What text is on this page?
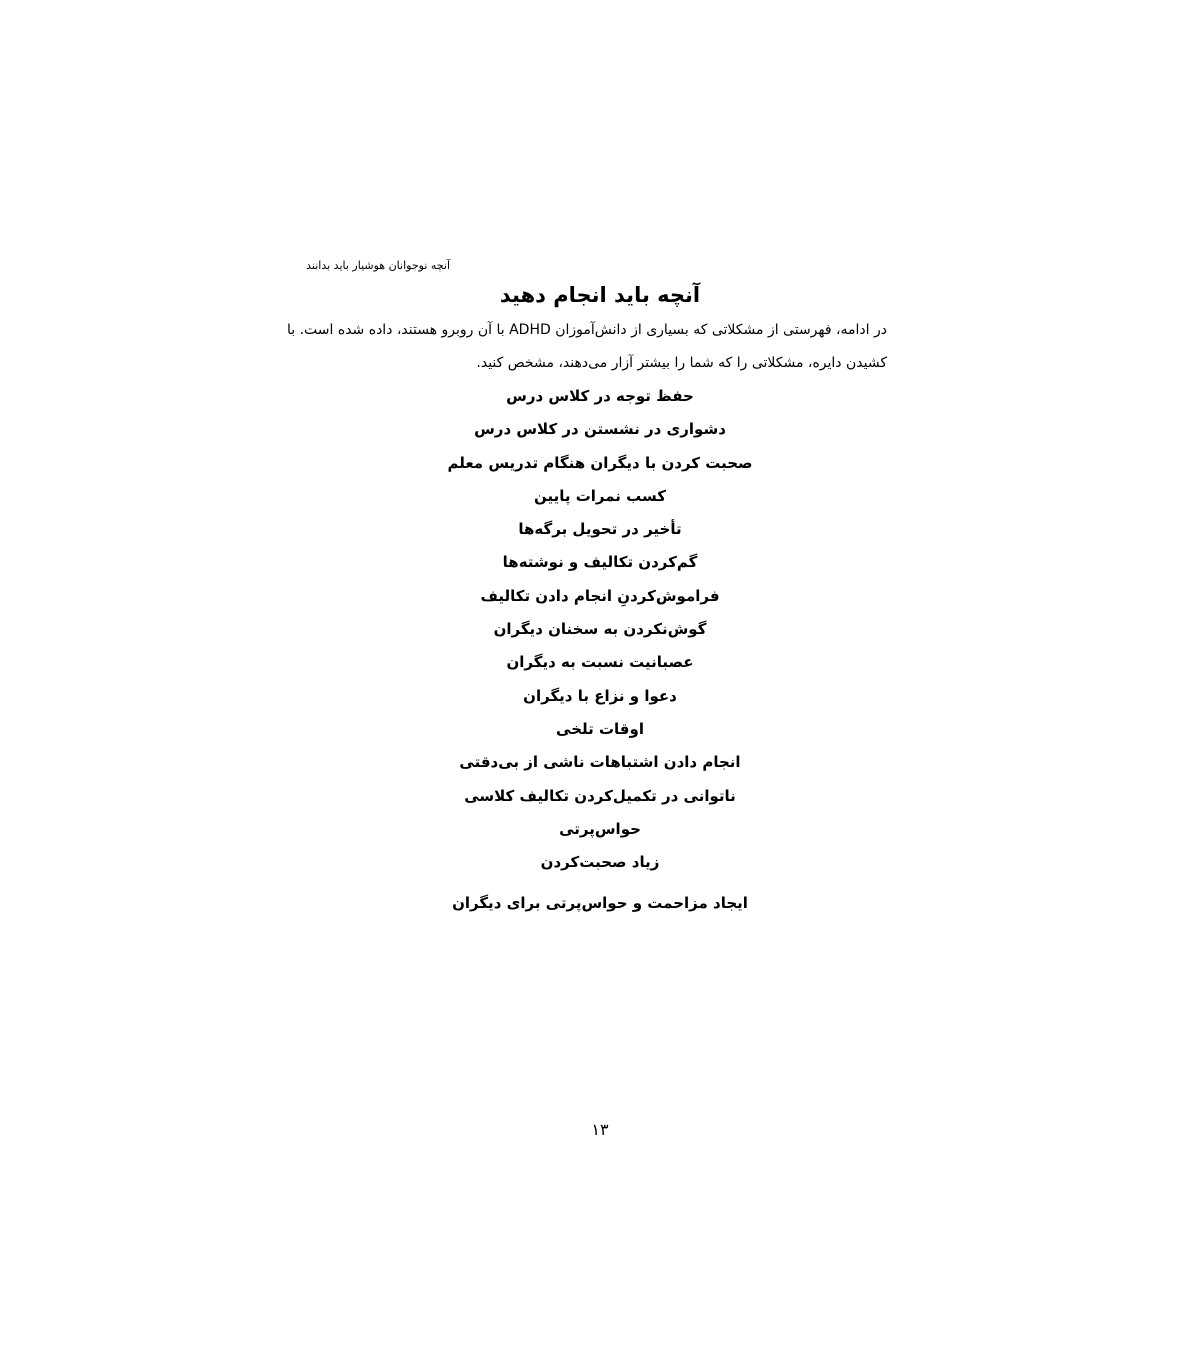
آنچه نوجوانان هوشیار باید بدانند
آنچه باید انجام دهید

در ادامه، فهرستی از مشکلاتی که بسیاری از دانش‌آموزان ADHD با آن روبرو هستند، داده شده است. با
کشیدن دایره، مشکلاتی را که شما را بیشتر آزار می‌دهند، مشخص کنید.

حفظ توجه در کلاس درس
دشواری در نشستن در کلاس درس
صحبت کردن با دیگران هنگام تدریس معلم
کسب نمرات پایین
تأخیر در تحویل برگه‌ها
گم‌کردن تکالیف و نوشته‌ها
فراموش‌کردنِ انجام دادن تکالیف
گوش‌نکردن به سخنان دیگران
عصبانیت نسبت به دیگران
دعوا و نزاع با دیگران
اوقات تلخی
انجام دادن اشتباهات ناشی از بی‌دقتی
ناتوانی در تکمیل‌کردن تکالیف کلاسی
حواس‌پرتی
زیاد صحبت‌کردن
ایجاد مزاحمت و حواس‌پرتی برای دیگران
۱۳
